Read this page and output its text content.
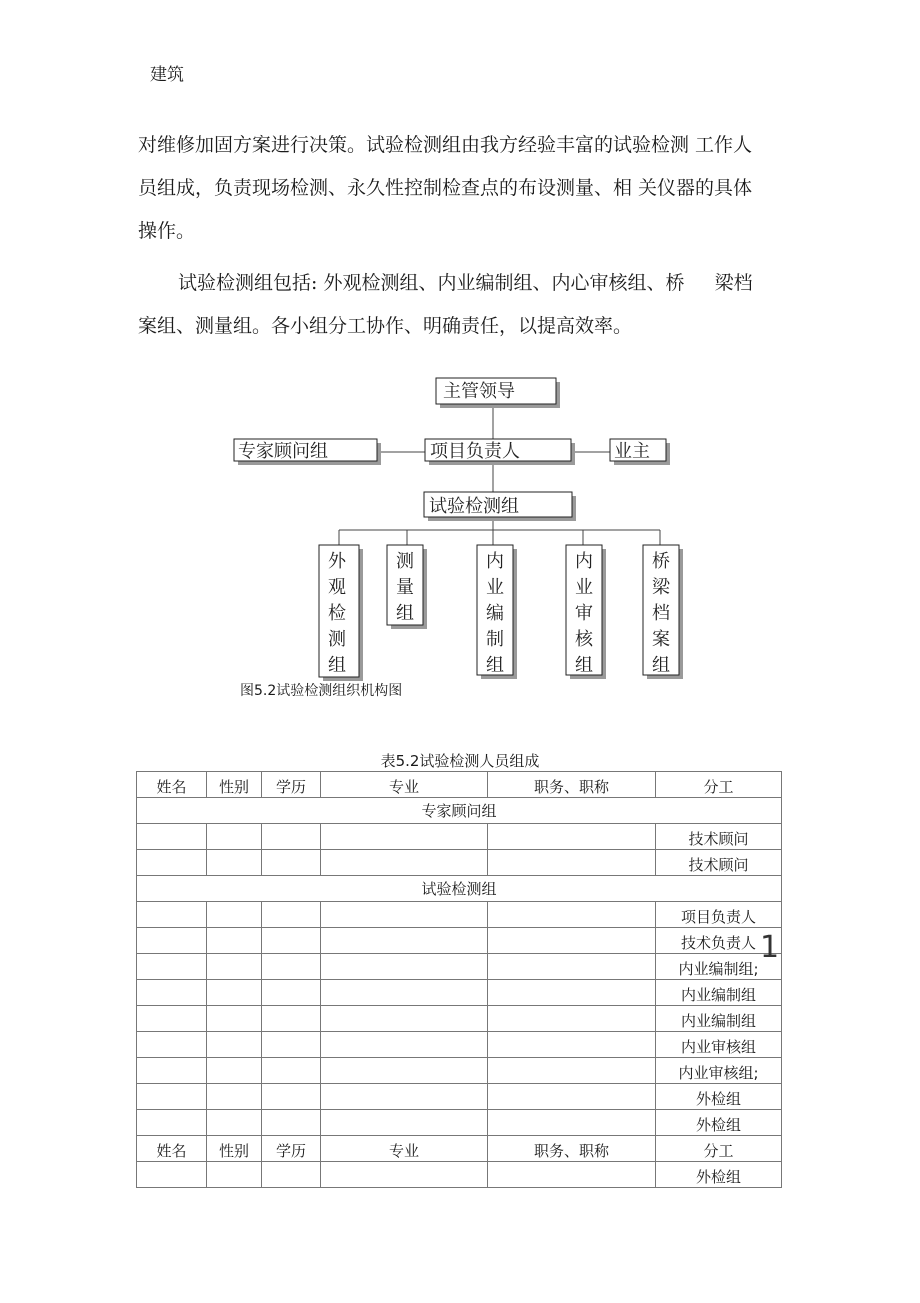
建筑

对维修加固方案进行决策。试验检测组由我方经验丰富的试验检测 工作人
员组成，负责现场检测、永久性控制检查点的布设测量、相 关仪器的具体
操作。

试验检测组包括: 外观检测组、内业编制组、内心审核组、桥     梁档
案组、测量组。各小组分工协作、明确责任，以提高效率。

主管领导
专家顾问组	项目负责人	业主
试验检测组
外
观
检
测
组
测
量
组
内
业
编
制
组
内
业
审
核
组
桥
梁
档
案
组
图5.2试验检测组织机构图
表5.2试验检测人员组成
姓名	性别	学历	专业	职务、职称	分工
专家顾问组					
					技术顾问
					技术顾问
试验检测组					
					项目负责人
					技术负责人
					内业编制组;
					内业编制组
					内业编制组
					内业审核组
					内业审核组;
					外检组
					外检组
姓名	性别	学历	专业	职务、职称	分工
					外检组
1
